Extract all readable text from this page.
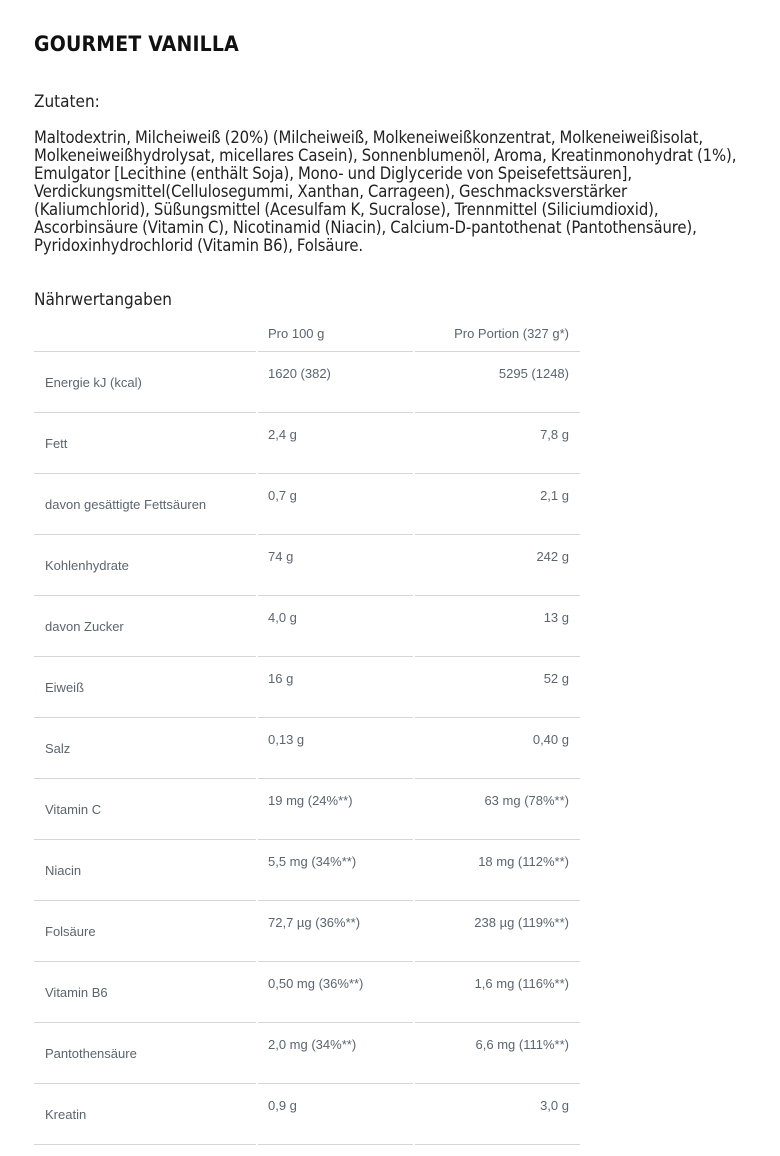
GOURMET VANILLA
Zutaten:

Maltodextrin, Milcheiweiß (20%) (Milcheiweiß, Molkeneiweißkonzentrat, Molkeneiweißisolat, Molkeneiweißhydrolysat, micellares Casein), Sonnenblumenöl, Aroma, Kreatinmonohydrat (1%), Emulgator [Lecithine (enthält Soja), Mono- und Diglyceride von Speisefettsäuren], Verdickungsmittel(Cellulosegummi, Xanthan, Carrageen), Geschmacksverstärker (Kaliumchlorid), Süßungsmittel (Acesulfam K, Sucralose), Trennmittel (Siliciumdioxid), Ascorbinsäure (Vitamin C), Nicotinamid (Niacin), Calcium-D-pantothenat (Pantothensäure), Pyridoxinhydrochlorid (Vitamin B6), Folsäure.

Nährwertangaben
	Pro 100 g	Pro Portion (327 g*)
Energie kJ (kcal)	1620 (382)	5295 (1248)
Fett	2,4 g	7,8 g
davon gesättigte Fettsäuren	0,7 g	2,1 g
Kohlenhydrate	74 g	242 g
davon Zucker	4,0 g	13 g
Eiweiß	16 g	52 g
Salz	0,13 g	0,40 g
Vitamin C	19 mg (24%**)	63 mg (78%**)
Niacin	5,5 mg (34%**)	18 mg (112%**)
Folsäure	72,7 µg (36%**)	238 µg (119%**)
Vitamin B6	0,50 mg (36%**)	1,6 mg (116%**)
Pantothensäure	2,0 mg (34%**)	6,6 mg (111%**)
Kreatin	0,9 g	3,0 g
